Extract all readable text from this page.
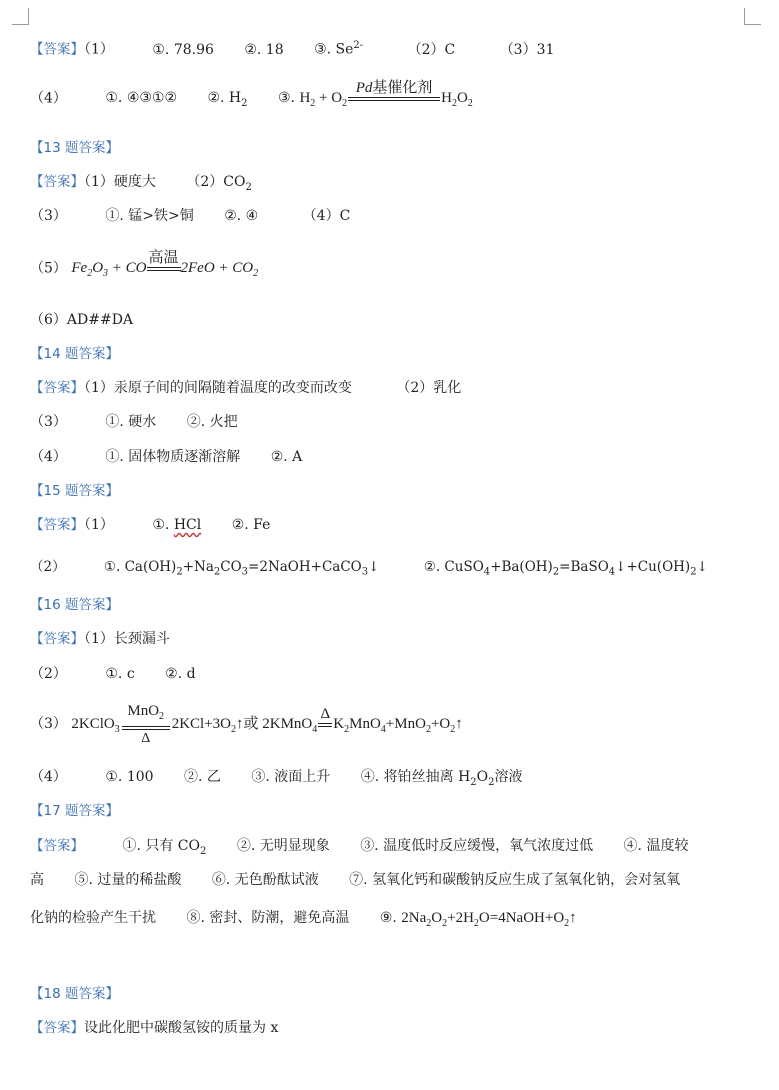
【答案】（1）	①. 78.96 ②. 18 ③. $Se^{2-}$	（2）C	（3）31
（4）	①. ④③①② ②. $H_2$ ③. $H_2 + O_2$
Pd基催化剂
$H_2O_2$
【13 题答案】
【答案】（1）硬度大 $(2)CO_2$
（3）	①. 锰>铁>铜 ②. ④	（4）C
（5） $Fe_2O_3$ + CO
高温
$2FeO + CO_2$
（6）AD##DA
【14 题答案】
【答案】（1）汞原子间的间隔随着温度的改变而改变	（2）乳化
（3）	①. 硬水 ②. 火把
（4）	①. 固体物质逐渐溶解 ②. A
【15 题答案】
【答案】（1）	①. HCl ②. Fe
（2）	①. $Ca(OH)_2+Na_2CO_3=2NaOH+CaCO_3↓$	②. $CuSO_4+Ba(OH)_2=BaSO_4↓+Cu(OH)_2↓$
【16 题答案】
【答案】（1）长颈漏斗
（2）	①. c ②. d
（3） 2KClO$_3$
MnO$_2$
Δ
$2KCl+3O_2↑$或 2KMnO$_4$
Δ
$K_2MnO_4+MnO_2+O_2↑$
（4）	①. 100 ②. 乙 ③. 液面上升 ④. 将铂丝抽离 $H_2O_2$溶液
【17 题答案】
【答案】	①. 只有 $CO_2$ ②. 无明显现象 ③. 温度低时反应缓慢，氧气浓度过低 ④. 温度较
高 ⑤. 过量的稀盐酸 ⑥. 无色酚酞试液 ⑦. 氢氧化钙和碳酸钠反应生成了氢氧化钠，会对氢氧
化钠的检验产生干扰 ⑧. 密封、防潮，避免高温 ⑨. $2Na_2O_2+2H_2O=4NaOH+O_2↑$
【18 题答案】
【答案】设此化肥中碳酸氢铵的质量为 x
